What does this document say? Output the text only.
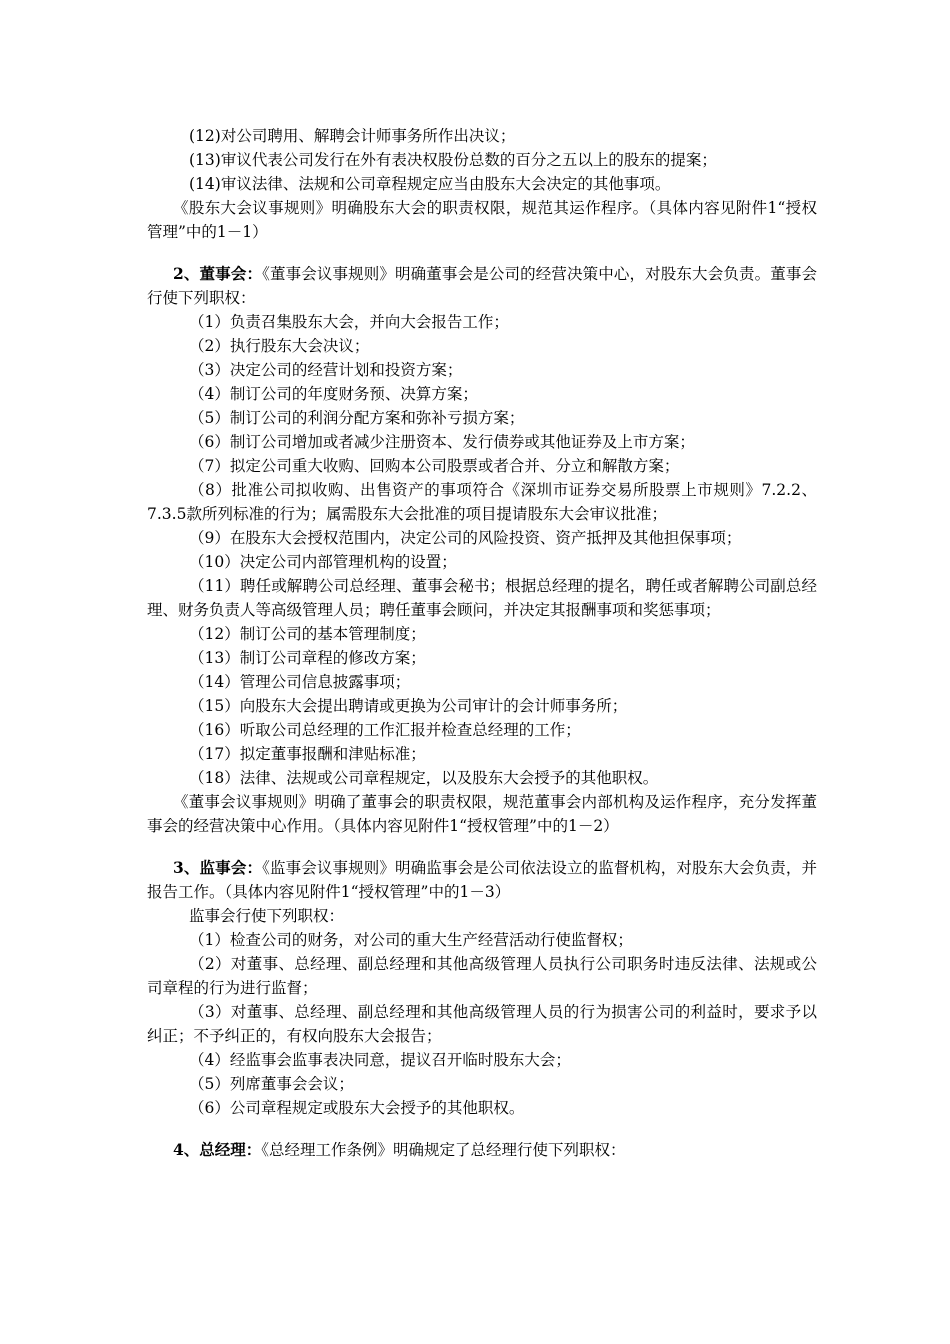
(12)对公司聘用、解聘会计师事务所作出决议；

(13)审议代表公司发行在外有表决权股份总数的百分之五以上的股东的提案；

(14)审议法律、法规和公司章程规定应当由股东大会决定的其他事项。

《股东大会议事规则》明确股东大会的职责权限，规范其运作程序。（具体内容见附件1“授权管理”中的1－1）

2、董事会：《董事会议事规则》明确董事会是公司的经营决策中心，对股东大会负责。董事会行使下列职权：

（1）负责召集股东大会，并向大会报告工作；

（2）执行股东大会决议；

（3）决定公司的经营计划和投资方案；

（4）制订公司的年度财务预、决算方案；

（5）制订公司的利润分配方案和弥补亏损方案；

（6）制订公司增加或者减少注册资本、发行债券或其他证券及上市方案；

（7）拟定公司重大收购、回购本公司股票或者合并、分立和解散方案；

（8）批准公司拟收购、出售资产的事项符合《深圳市证券交易所股票上市规则》7.2.2、7.3.5款所列标准的行为；属需股东大会批准的项目提请股东大会审议批准；

（9）在股东大会授权范围内，决定公司的风险投资、资产抵押及其他担保事项；

（10）决定公司内部管理机构的设置；

（11）聘任或解聘公司总经理、董事会秘书；根据总经理的提名，聘任或者解聘公司副总经理、财务负责人等高级管理人员；聘任董事会顾问，并决定其报酬事项和奖惩事项；

（12）制订公司的基本管理制度；

（13）制订公司章程的修改方案；

（14）管理公司信息披露事项；

（15）向股东大会提出聘请或更换为公司审计的会计师事务所；

（16）听取公司总经理的工作汇报并检查总经理的工作；

（17）拟定董事报酬和津贴标准；

（18）法律、法规或公司章程规定，以及股东大会授予的其他职权。

《董事会议事规则》明确了董事会的职责权限，规范董事会内部机构及运作程序，充分发挥董事会的经营决策中心作用。（具体内容见附件1“授权管理”中的1－2）

3、监事会：《监事会议事规则》明确监事会是公司依法设立的监督机构，对股东大会负责，并报告工作。（具体内容见附件1“授权管理”中的1－3）

监事会行使下列职权：

（1）检查公司的财务，对公司的重大生产经营活动行使监督权；

（2）对董事、总经理、副总经理和其他高级管理人员执行公司职务时违反法律、法规或公司章程的行为进行监督；

（3）对董事、总经理、副总经理和其他高级管理人员的行为损害公司的利益时，要求予以纠正；不予纠正的，有权向股东大会报告；

（4）经监事会监事表决同意，提议召开临时股东大会；

（5）列席董事会会议；

（6）公司章程规定或股东大会授予的其他职权。

4、总经理：《总经理工作条例》明确规定了总经理行使下列职权：
